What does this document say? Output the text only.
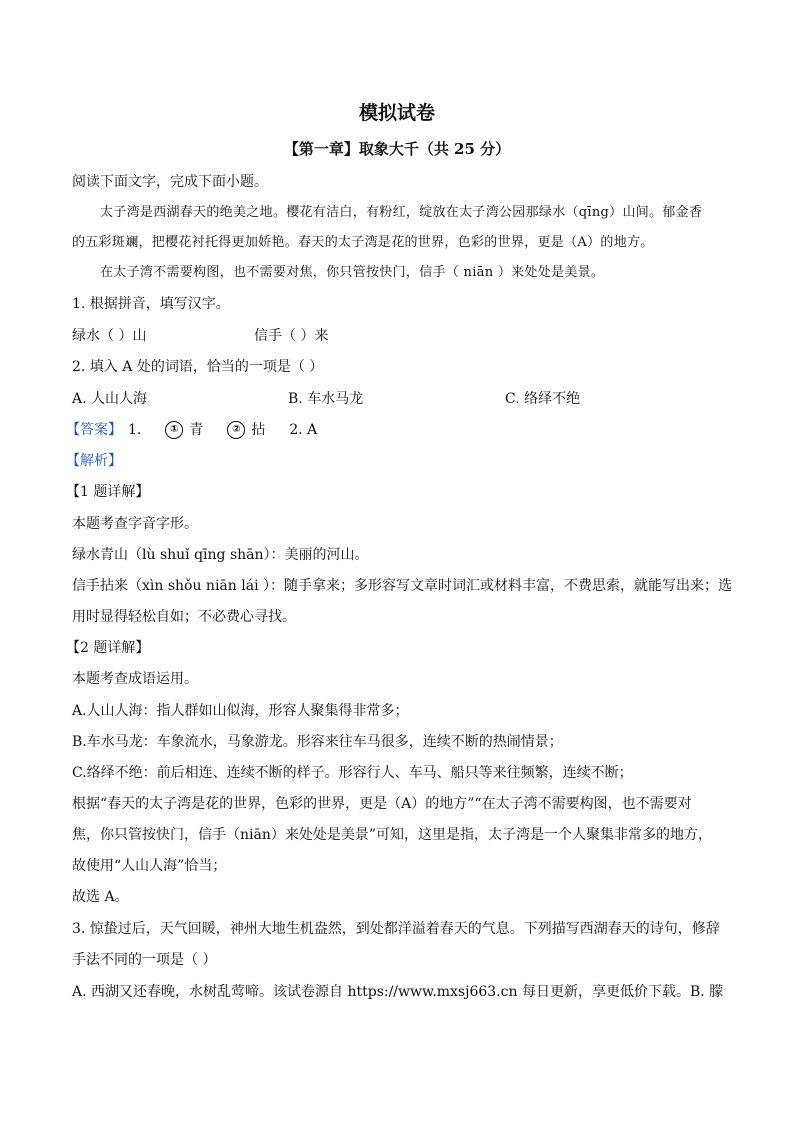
模拟试卷
【第一章】取象大千（共 25 分）
阅读下面文字，完成下面小题。
太子湾是西湖春天的绝美之地。樱花有洁白，有粉红，绽放在太子湾公园那绿水（qīng）山间。郁金香
的五彩斑斓，把樱花衬托得更加娇艳。春天的太子湾是花的世界，色彩的世界，更是（A）的地方。
在太子湾不需要构图，也不需要对焦，你只管按快门，信手（ niān ）来处处是美景。
1. 根据拼音，填写汉字。
绿水（ ）山	信手（ ）来
2. 填入 A 处的词语，恰当的一项是（ ）
A. 人山人海	B. 车水马龙	C. 络绎不绝
【答案】 1.	① 青	② 拈 2. A
【解析】
【1 题详解】
本题考查字音字形。
绿水青山（lù shuǐ qīng shān）：美丽的河山。
信手拈来（xìn shǒu niān lái ）：随手拿来；多形容写文章时词汇或材料丰富，不费思索，就能写出来；选
用时显得轻松自如；不必费心寻找。
【2 题详解】
本题考查成语运用。
A.人山人海：指人群如山似海，形容人聚集得非常多；
B.车水马龙：车象流水，马象游龙。形容来往车马很多，连续不断的热闹情景；
C.络绎不绝：前后相连、连续不断的样子。形容行人、车马、船只等来往频繁，连续不断；
根据“春天的太子湾是花的世界，色彩的世界，更是（A）的地方”“在太子湾不需要构图，也不需要对
焦，你只管按快门，信手（niān）来处处是美景”可知，这里是指，太子湾是一个人聚集非常多的地方，
故使用“人山人海”恰当；
故选 A。
3. 惊蛰过后，天气回暖，神州大地生机盎然，到处都洋溢着春天的气息。下列描写西湖春天的诗句，修辞
手法不同的一项是（ ）
A. 西湖又还春晚，水树乱莺啼。该试卷源自 https://www.mxsj663.cn 每日更新，享更低价下载。B. 朦
